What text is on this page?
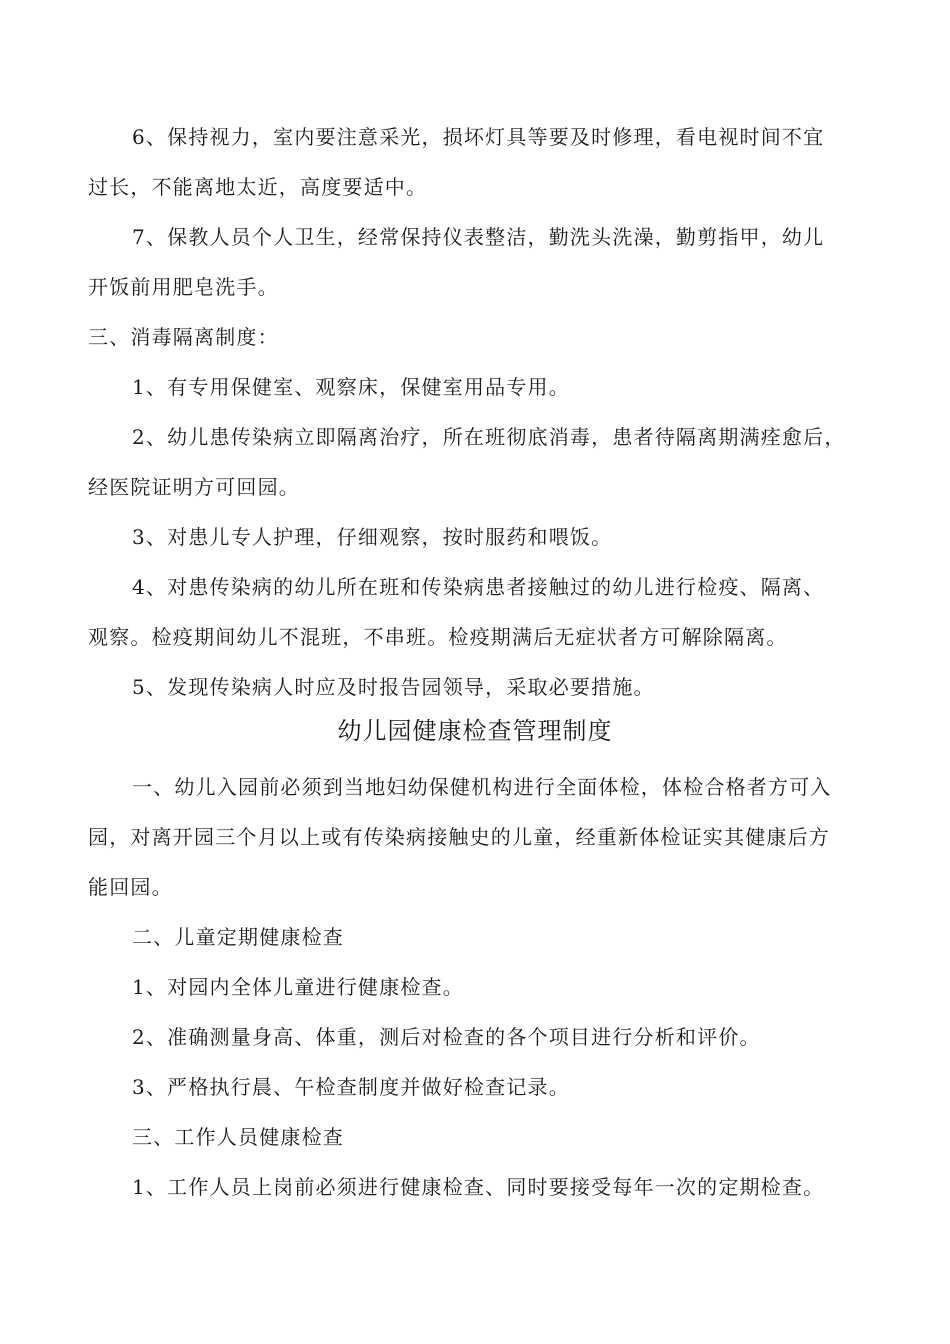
6、保持视力，室内要注意采光，损坏灯具等要及时修理，看电视时间不宜
过长，不能离地太近，高度要适中。
7、保教人员个人卫生，经常保持仪表整洁，勤洗头洗澡，勤剪指甲，幼儿
开饭前用肥皂洗手。
三、消毒隔离制度：
1、有专用保健室、观察床，保健室用品专用。
2、幼儿患传染病立即隔离治疗，所在班彻底消毒，患者待隔离期满痊愈后，
经医院证明方可回园。
3、对患儿专人护理，仔细观察，按时服药和喂饭。
4、对患传染病的幼儿所在班和传染病患者接触过的幼儿进行检疫、隔离、
观察。检疫期间幼儿不混班，不串班。检疫期满后无症状者方可解除隔离。
5、发现传染病人时应及时报告园领导，采取必要措施。
幼儿园健康检查管理制度
一、幼儿入园前必须到当地妇幼保健机构进行全面体检，体检合格者方可入
园，对离开园三个月以上或有传染病接触史的儿童，经重新体检证实其健康后方
能回园。
二、儿童定期健康检查
1、对园内全体儿童进行健康检查。
2、准确测量身高、体重，测后对检查的各个项目进行分析和评价。
3、严格执行晨、午检查制度并做好检查记录。
三、工作人员健康检查
1、工作人员上岗前必须进行健康检查、同时要接受每年一次的定期检查。
